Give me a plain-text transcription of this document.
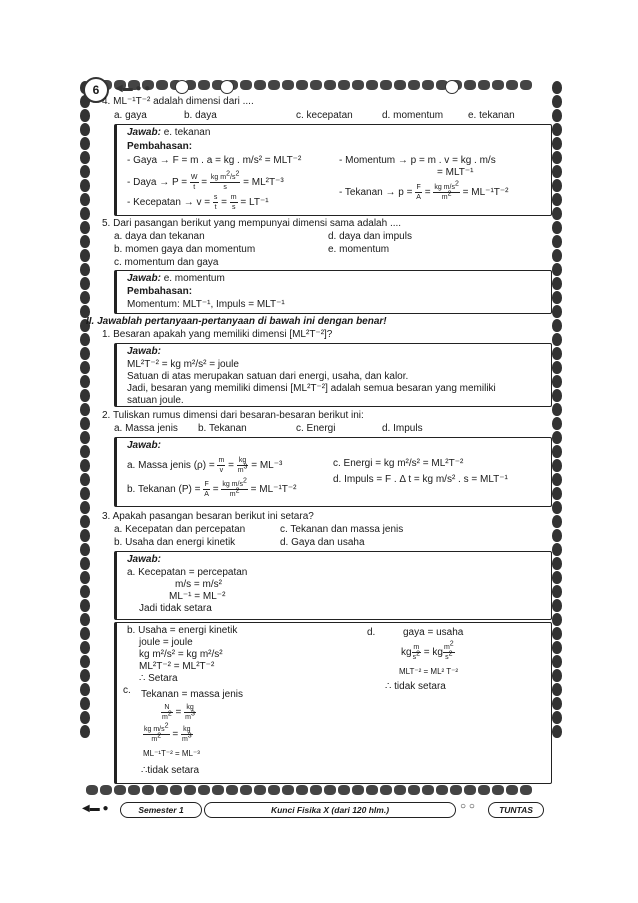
6	◀▬ ● ●
4. ML⁻¹T⁻² adalah dimensi dari ....
a. gaya	b. daya	c. kecepatan	d. momentum e. tekanan
Jawab: e. tekanan
Pembahasan:
- Gaya → F = m . a = kg . m/s² = MLT⁻²
- Daya → $P = \frac{W}{t} = \frac{kg m^2/s^2}{s} = ML^2T^{-3}$
- Kecepatan → $v = \frac{s}{t} = \frac{m}{s} = LT^{-1}$
- Momentum → p = m . v = kg . m/s
= MLT⁻¹
- Tekanan → $p = \frac{F}{A} = \frac{kg m/s^2}{m^2} = ML^{-1}T^{-2}$
5. Dari pasangan berikut yang mempunyai dimensi sama adalah ....
a. daya dan tekanan	d. daya dan impuls
b. momen gaya dan momentum	e. momentum
c. momentum dan gaya
Jawab: e. momentum
Pembahasan:
Momentum: MLT⁻¹, Impuls = MLT⁻¹
II. Jawablah pertanyaan-pertanyaan di bawah ini dengan benar!
1. Besaran apakah yang memiliki dimensi [ML²T⁻²]?
Jawab:
ML²T⁻² = kg m²/s² = joule
Satuan di atas merupakan satuan dari energi, usaha, dan kalor.
Jadi, besaran yang memiliki dimensi [ML²T⁻²] adalah semua besaran yang memiliki
satuan joule.
2. Tuliskan rumus dimensi dari besaran-besaran berikut ini:
a. Massa jenis b. Tekanan	c. Energi	d. Impuls
Jawab:
a. Massa jenis $(\rho) = \frac{m}{v} = \frac{kg}{m^3} = ML^{-3}$
b. Tekanan $(P) = \frac{F}{A} = \frac{kg m/s^2}{m^2} = ML^{-1}T^{-2}$
c. Energi = kg m²/s² = ML²T⁻²
d. Impuls = F . Δ t = kg m/s² . s = MLT⁻¹
3. Apakah pasangan besaran berikut ini setara?
a. Kecepatan dan percepatan	c. Tekanan dan massa jenis
b. Usaha dan energi kinetik	d. Gaya dan usaha
Jawab:
a. Kecepatan = percepatan
m/s = m/s²
ML⁻¹ = ML⁻²
Jadi tidak setara
b. Usaha = energi kinetik
joule = joule
kg m²/s² = kg m²/s²
ML²T⁻² = ML²T⁻²
∴ Setara
c. Tekanan = massa jenis
$\frac{N}{m^2} = \frac{kg}{m^3}$
$\frac{kg m/s^2}{m^2} = \frac{kg}{m^3}$
ML⁻¹T⁻² = ML⁻³
∴tidak setara
d.	gaya = usaha
kg $\frac{m}{s^2}$ = kg $\frac{m^2}{s^2}$
MLT⁻² = ML² T⁻²
∴ tidak setara
◀▬ ●	Semester 1	Kunci Fisika X (dari 120 hlm.)	○ ○	TUNTAS
